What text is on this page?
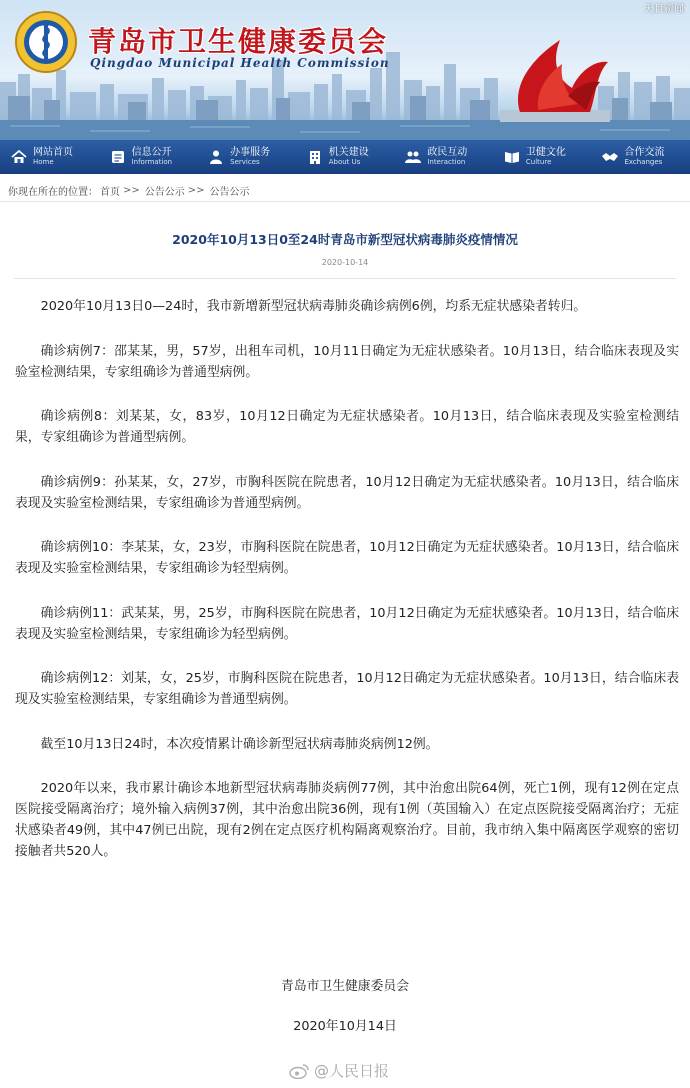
青岛市卫生健康委员会
Qingdao Municipal Health Commission
天目新闻
网站首页
Home
信息公开
Information
办事服务
Services
机关建设
About Us
政民互动
Interaction
卫健文化
Culture
合作交流
Exchanges
你现在所在的位置： 首页 >> 公告公示 >> 公告公示
2020年10月13日0至24时青岛市新型冠状病毒肺炎疫情情况
2020-10-14

2020年10月13日0—24时，我市新增新型冠状病毒肺炎确诊病例6例，均系无症状感染者转归。

确诊病例7：邵某某，男，57岁，出租车司机，10月11日确定为无症状感染者。10月13日，结合临床表现及实验室检测结果，专家组确诊为普通型病例。

确诊病例8：刘某某，女，83岁，10月12日确定为无症状感染者。10月13日，结合临床表现及实验室检测结果，专家组确诊为普通型病例。

确诊病例9：孙某某，女，27岁，市胸科医院在院患者，10月12日确定为无症状感染者。10月13日，结合临床表现及实验室检测结果，专家组确诊为普通型病例。

确诊病例10：李某某，女，23岁，市胸科医院在院患者，10月12日确定为无症状感染者。10月13日，结合临床表现及实验室检测结果，专家组确诊为轻型病例。

确诊病例11：武某某，男，25岁，市胸科医院在院患者，10月12日确定为无症状感染者。10月13日，结合临床表现及实验室检测结果，专家组确诊为轻型病例。

确诊病例12：刘某，女，25岁，市胸科医院在院患者，10月12日确定为无症状感染者。10月13日，结合临床表现及实验室检测结果，专家组确诊为普通型病例。

截至10月13日24时，本次疫情累计确诊新型冠状病毒肺炎病例12例。

2020年以来，我市累计确诊本地新型冠状病毒肺炎病例77例，其中治愈出院64例，死亡1例，现有12例在定点医院接受隔离治疗；境外输入病例37例，其中治愈出院36例，现有1例（英国输入）在定点医院接受隔离治疗；无症状感染者49例，其中47例已出院，现有2例在定点医疗机构隔离观察治疗。目前，我市纳入集中隔离医学观察的密切接触者共520人。

青岛市卫生健康委员会
2020年10月14日
@人民日报
